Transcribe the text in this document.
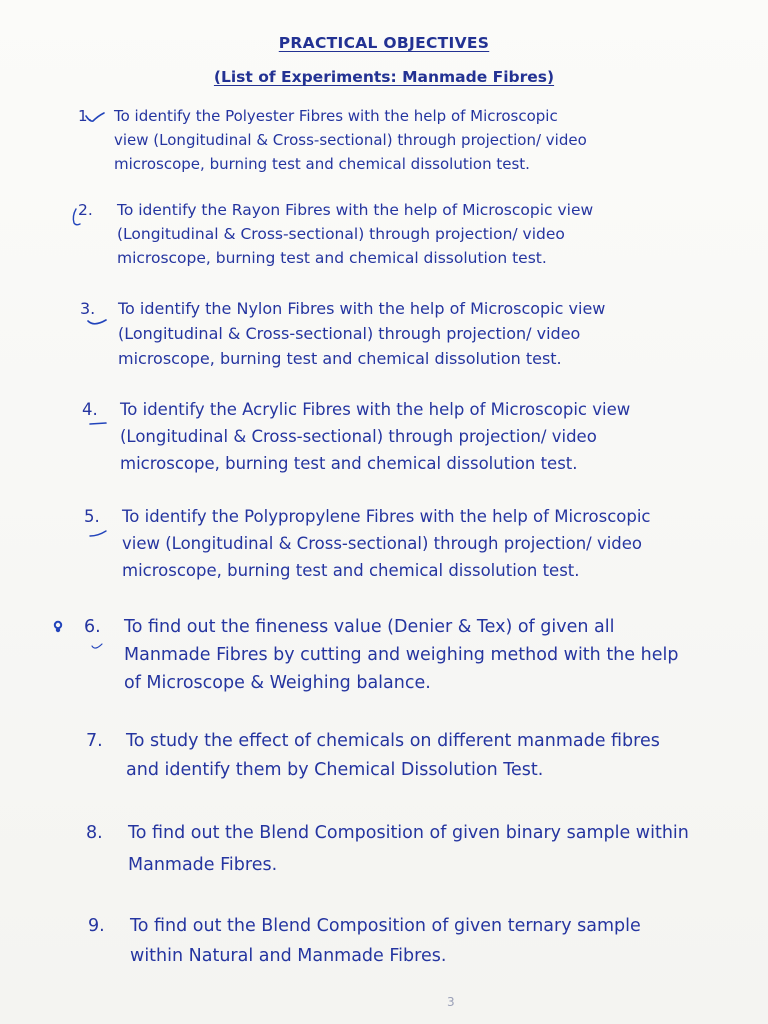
PRACTICAL OBJECTIVES
(List of Experiments: Manmade Fibres)
1. To identify the Polyester Fibres with the help of Microscopic
view (Longitudinal & Cross-sectional) through projection/ video
microscope, burning test and chemical dissolution test.
2. To identify the Rayon Fibres with the help of Microscopic view
(Longitudinal & Cross-sectional) through projection/ video
microscope, burning test and chemical dissolution test.
3. To identify the Nylon Fibres with the help of Microscopic view
(Longitudinal & Cross-sectional) through projection/ video
microscope, burning test and chemical dissolution test.
4. To identify the Acrylic Fibres with the help of Microscopic view
(Longitudinal & Cross-sectional) through projection/ video
microscope, burning test and chemical dissolution test.
5. To identify the Polypropylene Fibres with the help of Microscopic
view (Longitudinal & Cross-sectional) through projection/ video
microscope, burning test and chemical dissolution test.
6. To find out the fineness value (Denier & Tex) of given all
Manmade Fibres by cutting and weighing method with the help
of Microscope & Weighing balance.
7. To study the effect of chemicals on different manmade fibres
and identify them by Chemical Dissolution Test.
8. To find out the Blend Composition of given binary sample within
Manmade Fibres.
9. To find out the Blend Composition of given ternary sample
within Natural and Manmade Fibres.
3
